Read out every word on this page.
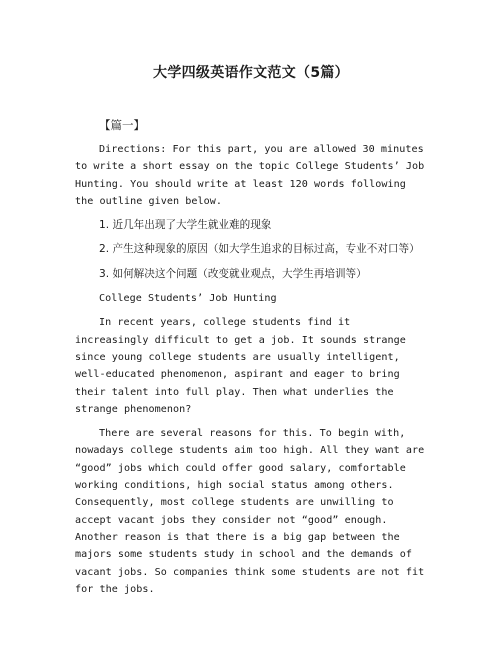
大学四级英语作文范文（5篇）
【篇一】

Directions: For this part, you are allowed 30 minutes to write a short essay on the topic College Students’ Job Hunting. You should write at least 120 words following the outline given below.

1. 近几年出现了大学生就业难的现象

2. 产生这种现象的原因（如大学生追求的目标过高，专业不对口等）

3. 如何解决这个问题（改变就业观点，大学生再培训等）

College Students’ Job Hunting

In recent years, college students find it increasingly difficult to get a job. It sounds strange since young college students are usually intelligent, well-educated phenomenon, aspirant and eager to bring their talent into full play. Then what underlies the strange phenomenon?

There are several reasons for this. To begin with, nowadays college students aim too high. All they want are “good” jobs which could offer good salary, comfortable working conditions, high social status among others. Consequently, most college students are unwilling to accept vacant jobs they consider not “good” enough. Another reason is that there is a big gap between the majors some students study in school and the demands of vacant jobs. So companies think some students are not fit for the jobs.
